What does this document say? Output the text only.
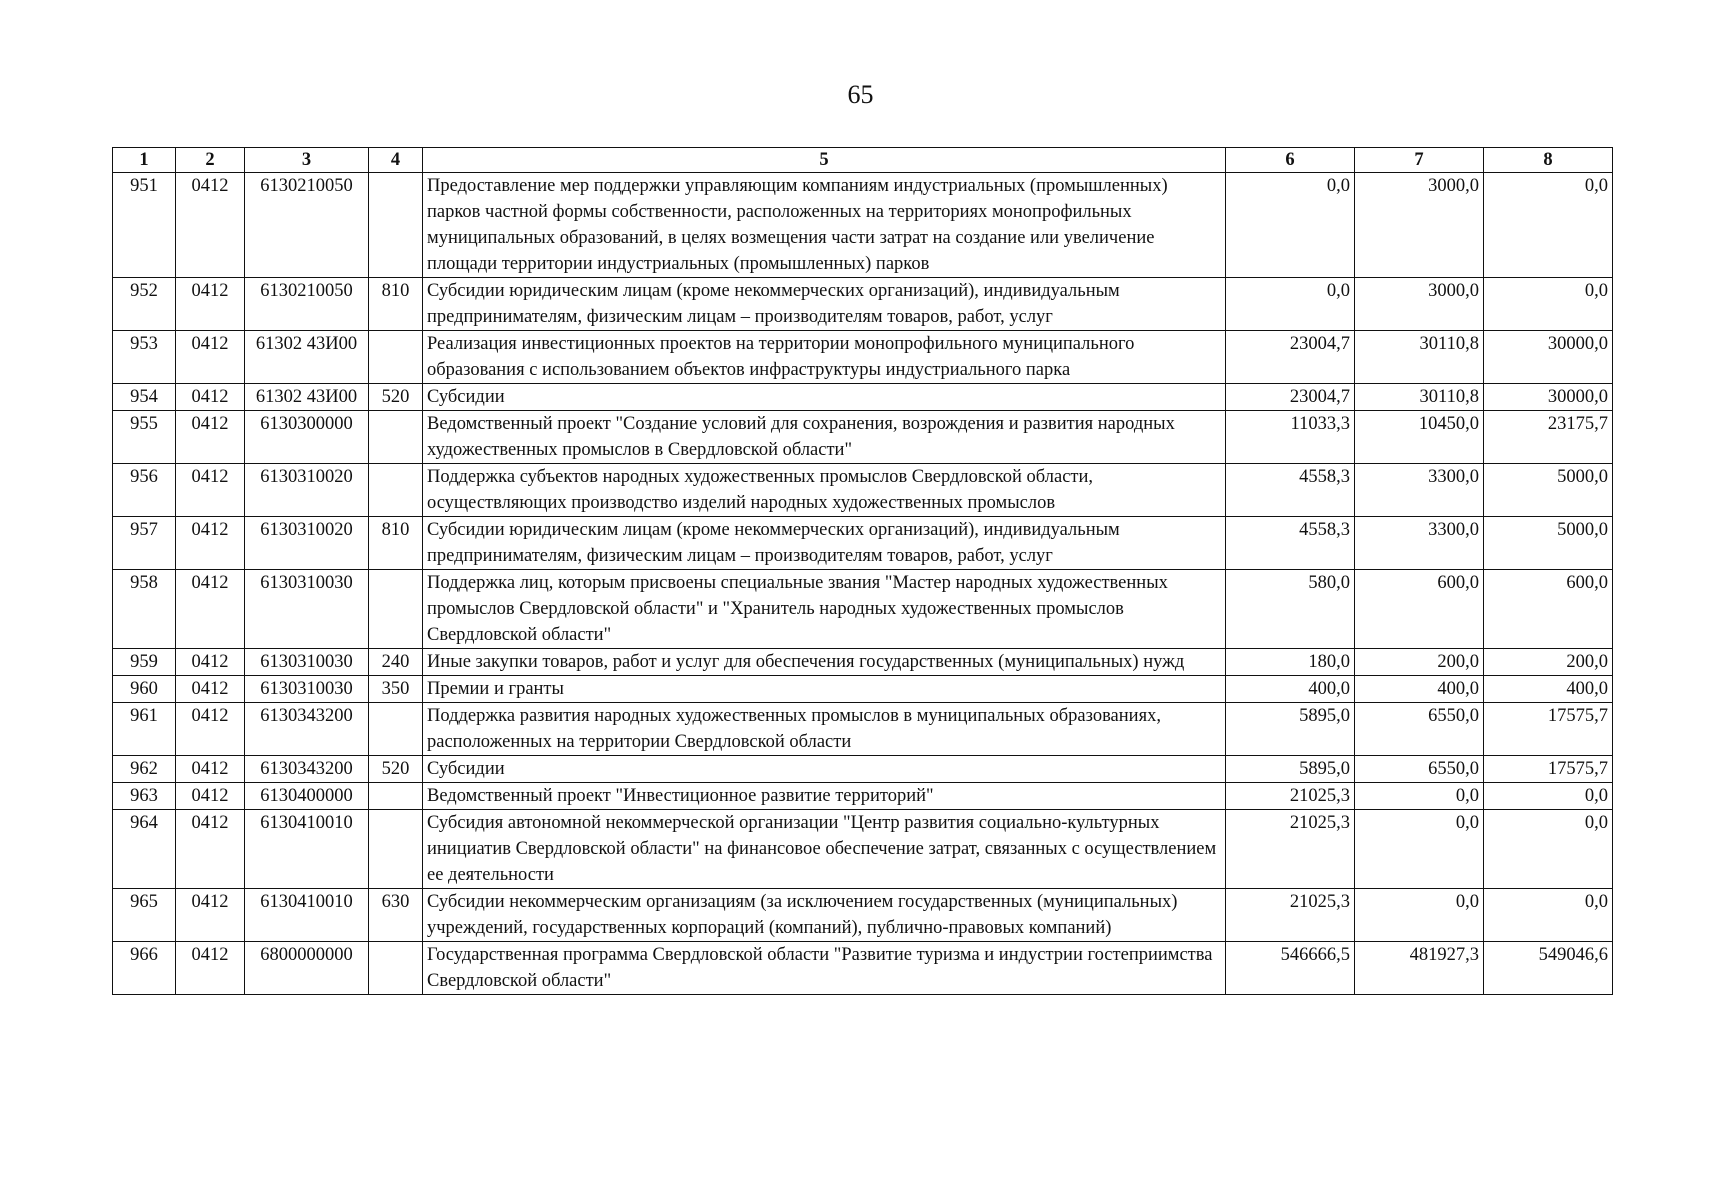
65
1	2	3	4	5	6	7	8
951	0412	6130210050		Предоставление мер поддержки управляющим компаниям индустриальных (промышленных) парков частной формы собственности, расположенных на территориях монопрофильных муниципальных образований, в целях возмещения части затрат на создание или увеличение площади территории индустриальных (промышленных) парков	0,0	3000,0	0,0
952	0412	6130210050	810	Субсидии юридическим лицам (кроме некоммерческих организаций), индивидуальным предпринимателям, физическим лицам – производителям товаров, работ, услуг	0,0	3000,0	0,0
953	0412	61302 43И00		Реализация инвестиционных проектов на территории монопрофильного муниципального образования с использованием объектов инфраструктуры индустриального парка	23004,7	30110,8	30000,0
954	0412	61302 43И00	520	Субсидии	23004,7	30110,8	30000,0
955	0412	6130300000		Ведомственный проект "Создание условий для сохранения, возрождения и развития народных художественных промыслов в Свердловской области"	11033,3	10450,0	23175,7
956	0412	6130310020		Поддержка субъектов народных художественных промыслов Свердловской области, осуществляющих производство изделий народных художественных промыслов	4558,3	3300,0	5000,0
957	0412	6130310020	810	Субсидии юридическим лицам (кроме некоммерческих организаций), индивидуальным предпринимателям, физическим лицам – производителям товаров, работ, услуг	4558,3	3300,0	5000,0
958	0412	6130310030		Поддержка лиц, которым присвоены специальные звания "Мастер народных художественных промыслов Свердловской области" и "Хранитель народных художественных промыслов Свердловской области"	580,0	600,0	600,0
959	0412	6130310030	240	Иные закупки товаров, работ и услуг для обеспечения государственных (муниципальных) нужд	180,0	200,0	200,0
960	0412	6130310030	350	Премии и гранты	400,0	400,0	400,0
961	0412	6130343200		Поддержка развития народных художественных промыслов в муниципальных образованиях, расположенных на территории Свердловской области	5895,0	6550,0	17575,7
962	0412	6130343200	520	Субсидии	5895,0	6550,0	17575,7
963	0412	6130400000		Ведомственный проект "Инвестиционное развитие территорий"	21025,3	0,0	0,0
964	0412	6130410010		Субсидия автономной некоммерческой организации "Центр развития социально-культурных инициатив Свердловской области" на финансовое обеспечение затрат, связанных с осуществлением ее деятельности	21025,3	0,0	0,0
965	0412	6130410010	630	Субсидии некоммерческим организациям (за исключением государственных (муниципальных) учреждений, государственных корпораций (компаний), публично-правовых компаний)	21025,3	0,0	0,0
966	0412	6800000000		Государственная программа Свердловской области "Развитие туризма и индустрии гостеприимства Свердловской области"	546666,5	481927,3	549046,6
